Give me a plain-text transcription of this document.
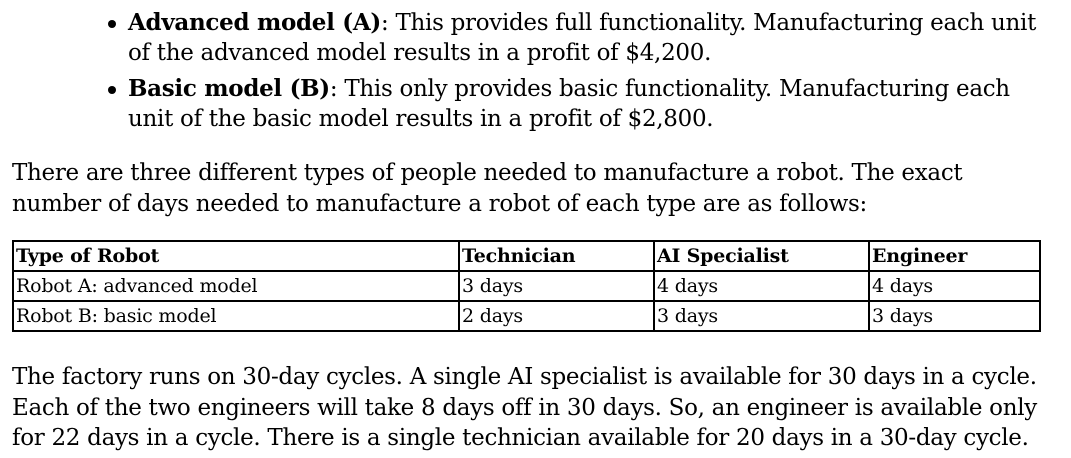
Advanced model (A): This provides full functionality. Manufacturing each unit of the advanced model results in a profit of $4,200.
Basic model (B): This only provides basic functionality. Manufacturing each unit of the basic model results in a profit of $2,800.

There are three different types of people needed to manufacture a robot. The exact number of days needed to manufacture a robot of each type are as follows:

Type of Robot	Technician	AI Specialist	Engineer
Robot A: advanced model	3 days	4 days	4 days
Robot B: basic model	2 days	3 days	3 days

The factory runs on 30-day cycles. A single AI specialist is available for 30 days in a cycle. Each of the two engineers will take 8 days off in 30 days. So, an engineer is available only for 22 days in a cycle. There is a single technician available for 20 days in a 30-day cycle.
